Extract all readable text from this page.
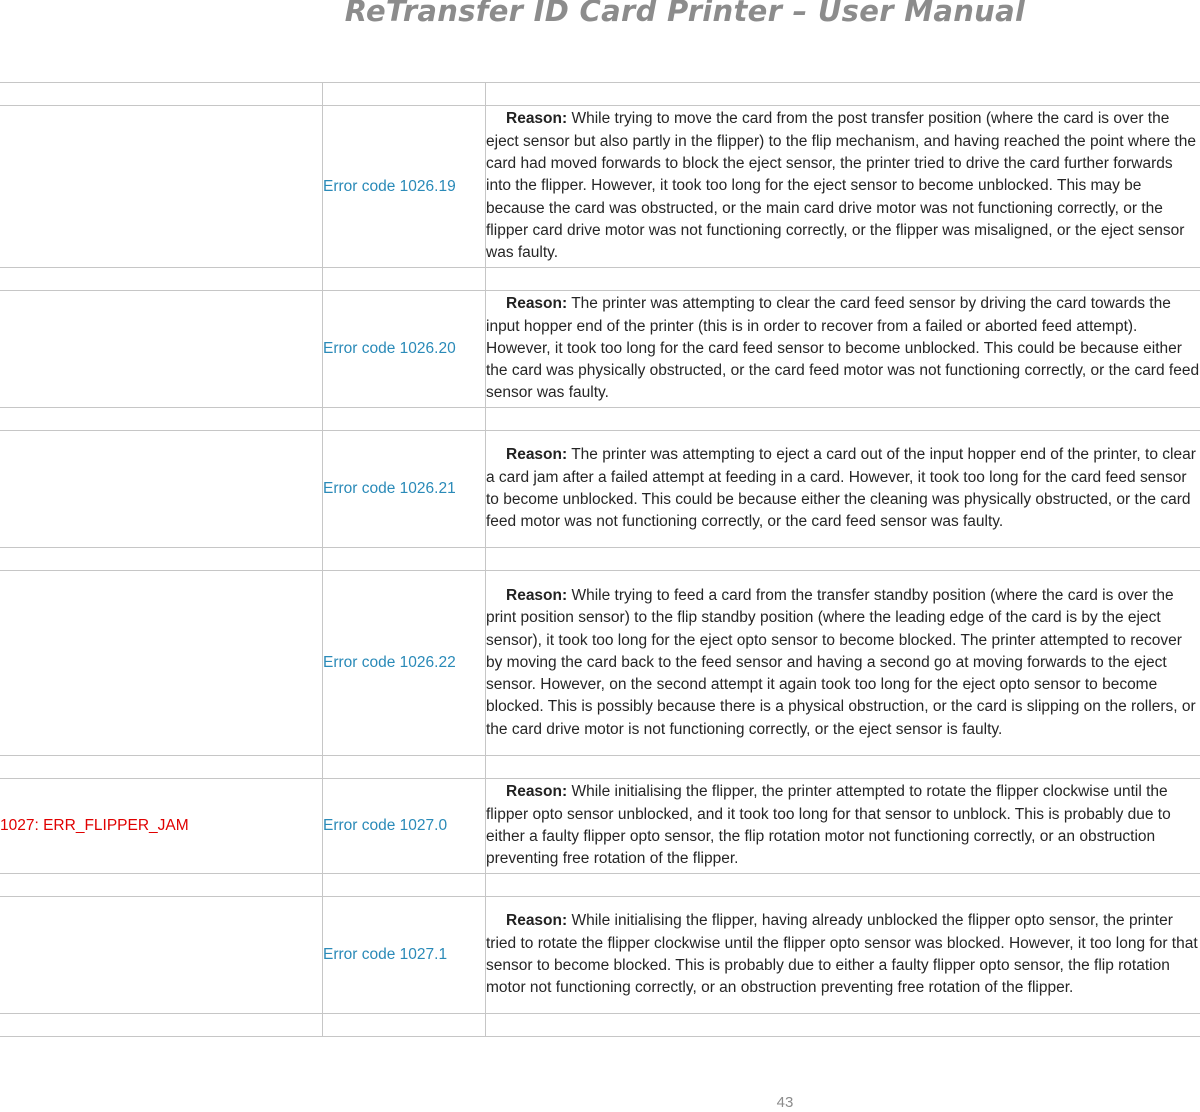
ReTransfer ID Card Printer – User Manual

	Error code 1026.19	Reason: While trying to move the card from the post transfer position (where the card is over the eject sensor but also partly in the flipper) to the flip mechanism, and having reached the point where the card had moved forwards to block the eject sensor, the printer tried to drive the card further forwards into the flipper. However, it took too long for the eject sensor to become unblocked. This may be because the card was obstructed, or the main card drive motor was not functioning correctly, or the flipper card drive motor was not functioning correctly, or the flipper was misaligned, or the eject sensor was faulty.

	Error code 1026.20	Reason: The printer was attempting to clear the card feed sensor by driving the card towards the input hopper end of the printer (this is in order to recover from a failed or aborted feed attempt). However, it took too long for the card feed sensor to become unblocked. This could be because either the card was physically obstructed, or the card feed motor was not functioning correctly, or the card feed sensor was faulty.

	Error code 1026.21	Reason: The printer was attempting to eject a card out of the input hopper end of the printer, to clear a card jam after a failed attempt at feeding in a card. However, it took too long for the card feed sensor to become unblocked. This could be because either the cleaning was physically obstructed, or the card feed motor was not functioning correctly, or the card feed sensor was faulty.

	Error code 1026.22	Reason: While trying to feed a card from the transfer standby position (where the card is over the print position sensor) to the flip standby position (where the leading edge of the card is by the eject sensor), it took too long for the eject opto sensor to become blocked. The printer attempted to recover by moving the card back to the feed sensor and having a second go at moving forwards to the eject sensor. However, on the second attempt it again took too long for the eject opto sensor to become blocked. This is possibly because there is a physical obstruction, or the card is slipping on the rollers, or the card drive motor is not functioning correctly, or the eject sensor is faulty.

1027: ERR_FLIPPER_JAM	Error code 1027.0	Reason: While initialising the flipper, the printer attempted to rotate the flipper clockwise until the flipper opto sensor unblocked, and it took too long for that sensor to unblock. This is probably due to either a faulty flipper opto sensor, the flip rotation motor not functioning correctly, or an obstruction preventing free rotation of the flipper.

	Error code 1027.1	Reason: While initialising the flipper, having already unblocked the flipper opto sensor, the printer tried to rotate the flipper clockwise until the flipper opto sensor was blocked. However, it too long for that sensor to become blocked. This is probably due to either a faulty flipper opto sensor, the flip rotation motor not functioning correctly, or an obstruction preventing free rotation of the flipper.

43
